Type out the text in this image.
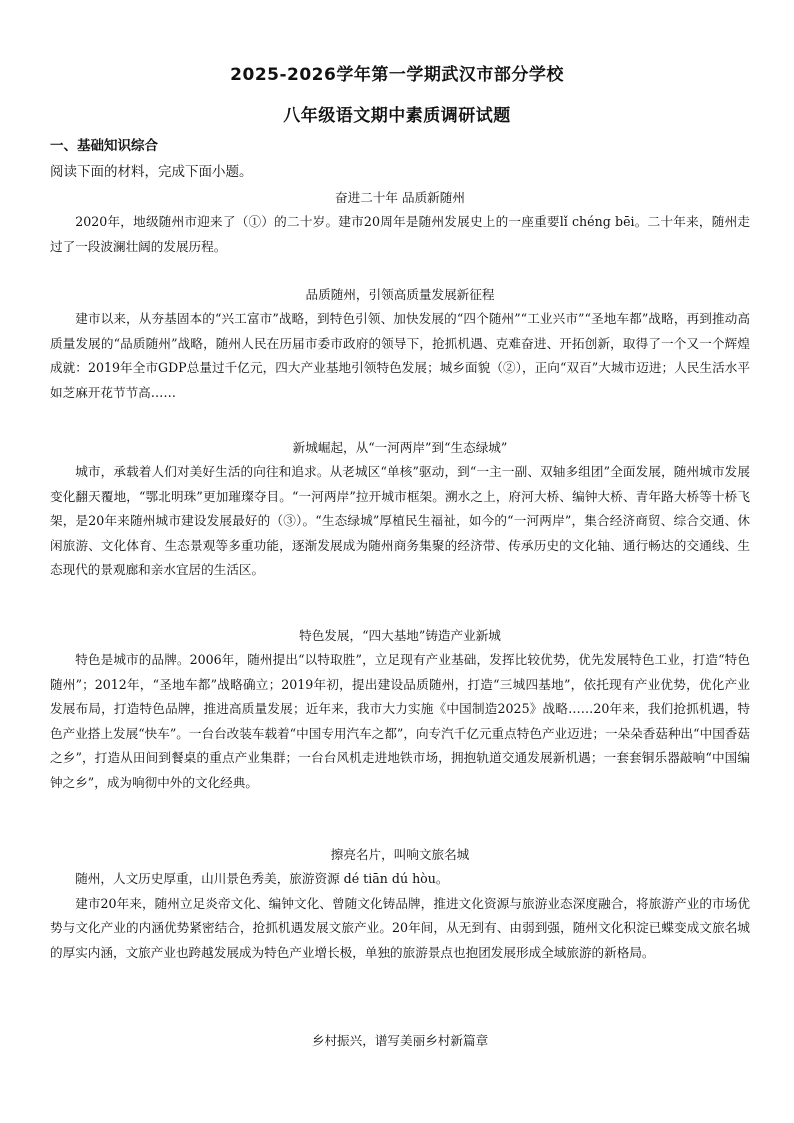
2025-2026学年第一学期武汉市部分学校
八年级语文期中素质调研试题
一、基础知识综合
阅读下面的材料，完成下面小题。
奋进二十年 品质新随州

2020年，地级随州市迎来了（①）的二十岁。建市20周年是随州发展史上的一座重要lǐ chéng bēi。二十年来，随州走过了一段波澜壮阔的发展历程。

品质随州，引领高质量发展新征程

建市以来，从夯基固本的“兴工富市”战略，到特色引领、加快发展的“四个随州”“工业兴市”“圣地车都”战略，再到推动高质量发展的“品质随州”战略，随州人民在历届市委市政府的领导下，抢抓机遇、克难奋进、开拓创新，取得了一个又一个辉煌成就：2019年全市GDP总量过千亿元，四大产业基地引领特色发展；城乡面貌（②），正向“双百”大城市迈进；人民生活水平如芝麻开花节节高……

新城崛起，从“一河两岸”到“生态绿城”

城市，承载着人们对美好生活的向往和追求。从老城区“单核”驱动，到“一主一副、双轴多组团”全面发展，随州城市发展变化翻天覆地，“鄂北明珠”更加璀璨夺目。“一河两岸”拉开城市框架。溯水之上，府河大桥、编钟大桥、青年路大桥等十桥飞架，是20年来随州城市建设发展最好的（③）。“生态绿城”厚植民生福祉，如今的“一河两岸”，集合经济商贸、综合交通、休闲旅游、文化体育、生态景观等多重功能，逐渐发展成为随州商务集聚的经济带、传承历史的文化轴、通行畅达的交通线、生态现代的景观廊和亲水宜居的生活区。

特色发展，“四大基地”铸造产业新城

特色是城市的品牌。2006年，随州提出“以特取胜”，立足现有产业基础，发挥比较优势，优先发展特色工业，打造“特色随州”；2012年，“圣地车都”战略确立；2019年初，提出建设品质随州，打造“三城四基地”，依托现有产业优势，优化产业发展布局，打造特色品牌，推进高质量发展；近年来，我市大力实施《中国制造2025》战略……20年来，我们抢抓机遇，特色产业搭上发展“快车”。一台台改装车载着“中国专用汽车之都”，向专汽千亿元重点特色产业迈进；一朵朵香菇种出“中国香菇之乡”，打造从田间到餐桌的重点产业集群；一台台风机走进地铁市场，拥抱轨道交通发展新机遇；一套套铜乐器敲响“中国编钟之乡”，成为响彻中外的文化经典。

擦亮名片，叫响文旅名城

随州，人文历史厚重，山川景色秀美，旅游资源 dé tiān dú hòu。

建市20年来，随州立足炎帝文化、编钟文化、曾随文化铸品牌，推进文化资源与旅游业态深度融合，将旅游产业的市场优势与文化产业的内涵优势紧密结合，抢抓机遇发展文旅产业。20年间，从无到有、由弱到强，随州文化积淀已蝶变成文旅名城的厚实内涵，文旅产业也跨越发展成为特色产业增长极，单独的旅游景点也抱团发展形成全域旅游的新格局。

乡村振兴，谱写美丽乡村新篇章
